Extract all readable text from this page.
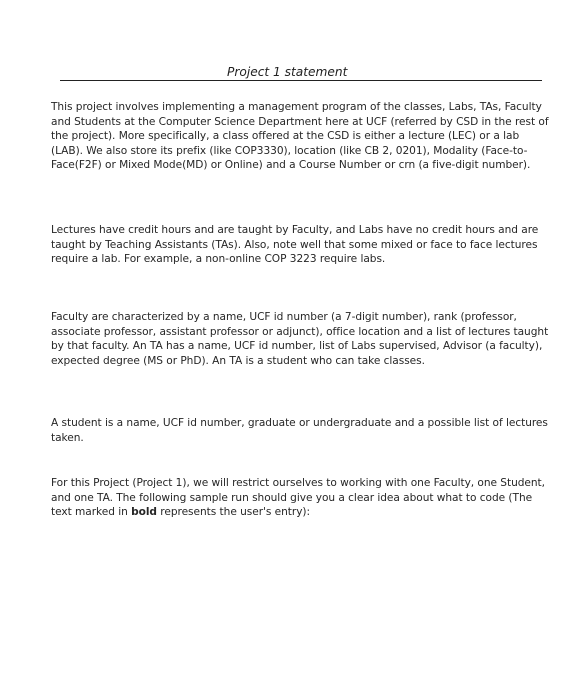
Project 1 statement

This project involves implementing a management program of the classes, Labs, TAs, Faculty and Students at the Computer Science Department here at UCF (referred by CSD in the rest of the project). More specifically, a class offered at the CSD is either a lecture (LEC) or a lab (LAB). We also store its prefix (like COP3330), location (like CB 2, 0201), Modality (Face-to-Face(F2F) or Mixed Mode(MD) or Online) and a Course Number or crn (a five-digit number).

Lectures have credit hours and are taught by Faculty, and Labs have no credit hours and are taught by Teaching Assistants (TAs). Also, note well that some mixed or face to face lectures require a lab. For example, a non-online COP 3223 require labs.

Faculty are characterized by a name, UCF id number (a 7-digit number), rank (professor, associate professor, assistant professor or adjunct), office location and a list of lectures taught by that faculty. An TA has a name, UCF id number, list of Labs supervised, Advisor (a faculty), expected degree (MS or PhD). An TA is a student who can take classes.

A student is a name, UCF id number, graduate or undergraduate and a possible list of lectures taken.

For this Project (Project 1), we will restrict ourselves to working with one Faculty, one Student, and one TA. The following sample run should give you a clear idea about what to code (The text marked in bold represents the user's entry):
